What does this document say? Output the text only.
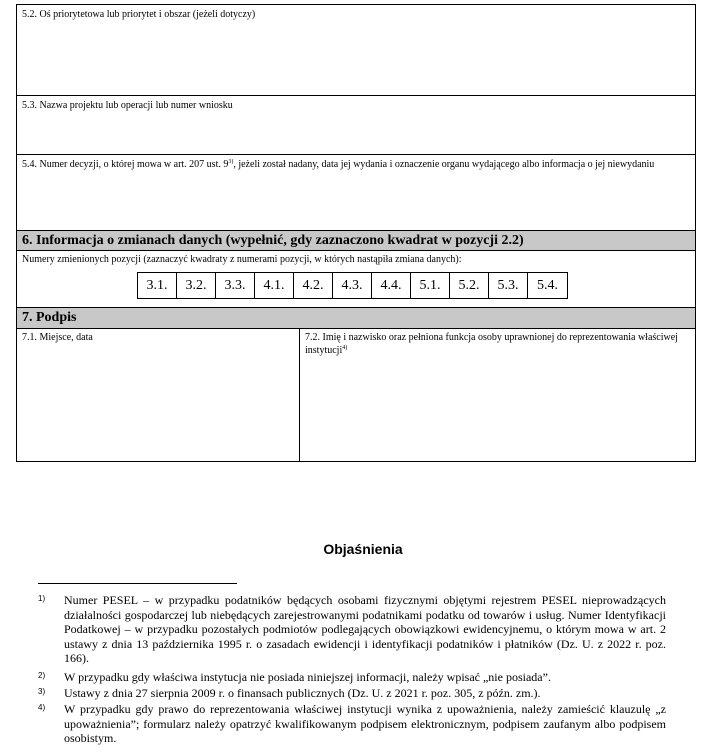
5.2. Oś priorytetowa lub priorytet i obszar (jeżeli dotyczy)
5.3. Nazwa projektu lub operacji lub numer wniosku
5.4. Numer decyzji, o której mowa w art. 207 ust. 9$^{3)}$, jeżeli został nadany, data jej wydania i oznaczenie organu wydającego albo informacja o jej niewydaniu
6. Informacja o zmianach danych (wypełnić, gdy zaznaczono kwadrat w pozycji 2.2)
Numery zmienionych pozycji (zaznaczyć kwadraty z numerami pozycji, w których nastąpiła zmiana danych):
3.1.	3.2.	3.3.	4.1.	4.2.	4.3.	4.4.	5.1.	5.2.	5.3.	5.4.
7. Podpis
7.1. Miejsce, data	7.2. Imię i nazwisko oraz pełniona funkcja osoby uprawnionej do reprezentowania właściwej instytucji$^{4)}$
Objaśnienia
1) Numer PESEL – w przypadku podatników będących osobami fizycznymi objętymi rejestrem PESEL nieprowadzących działalności gospodarczej lub niebędących zarejestrowanymi podatnikami podatku od towarów i usług. Numer Identyfikacji Podatkowej – w przypadku pozostałych podmiotów podlegających obowiązkowi ewidencyjnemu, o którym mowa w art. 2 ustawy z dnia 13 października 1995 r. o zasadach ewidencji i identyfikacji podatników i płatników (Dz. U. z 2022 r. poz. 166).
2) W przypadku gdy właściwa instytucja nie posiada niniejszej informacji, należy wpisać „nie posiada”.
3) Ustawy z dnia 27 sierpnia 2009 r. o finansach publicznych (Dz. U. z 2021 r. poz. 305, z późn. zm.).
4) W przypadku gdy prawo do reprezentowania właściwej instytucji wynika z upoważnienia, należy zamieścić klauzulę „z upoważnienia”; formularz należy opatrzyć kwalifikowanym podpisem elektronicznym, podpisem zaufanym albo podpisem osobistym.
